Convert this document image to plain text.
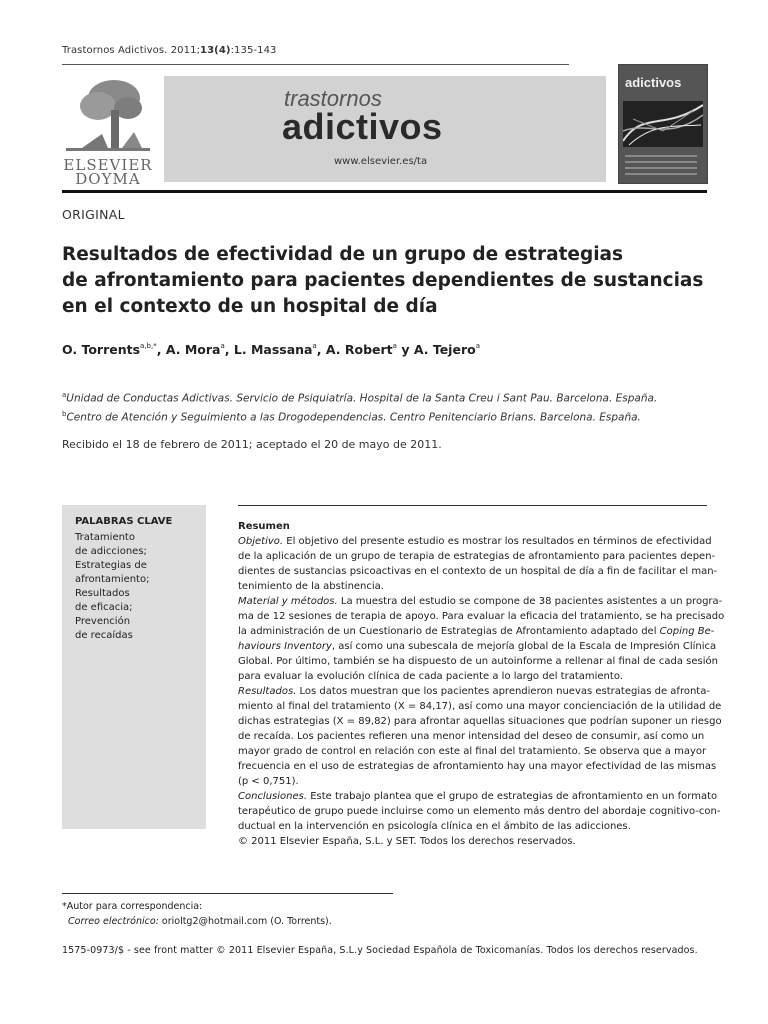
Trastornos Adictivos. 2011;13(4):135-143
ELSEVIER
DOYMA
trastornos
adictivos
www.elsevier.es/ta
adictivos
ORIGINAL
Resultados de efectividad de un grupo de estrategias
de afrontamiento para pacientes dependientes de sustancias
en el contexto de un hospital de día
O. Torrents$^{a,b,*}$, A. Mora$^a$, L. Massana$^a$, A. Robert$^a$ y A. Tejero$^a$
$^a$Unidad de Conductas Adictivas. Servicio de Psiquiatría. Hospital de la Santa Creu i Sant Pau. Barcelona. España.
$^b$Centro de Atención y Seguimiento a las Drogodependencias. Centro Penitenciario Brians. Barcelona. España.
Recibido el 18 de febrero de 2011; aceptado el 20 de mayo de 2011.
PALABRAS CLAVE
Tratamiento
de adicciones;
Estrategias de
afrontamiento;
Resultados
de eficacia;
Prevención
de recaídas
Resumen
Objetivo. El objetivo del presente estudio es mostrar los resultados en términos de efectividad
de la aplicación de un grupo de terapia de estrategias de afrontamiento para pacientes depen-
dientes de sustancias psicoactivas en el contexto de un hospital de día a fin de facilitar el man-
tenimiento de la abstinencia.
Material y métodos. La muestra del estudio se compone de 38 pacientes asistentes a un progra-
ma de 12 sesiones de terapia de apoyo. Para evaluar la eficacia del tratamiento, se ha precisado
la administración de un Cuestionario de Estrategias de Afrontamiento adaptado del Coping Be-
haviours Inventory, así como una subescala de mejoría global de la Escala de Impresión Clínica
Global. Por último, también se ha dispuesto de un autoinforme a rellenar al final de cada sesión
para evaluar la evolución clínica de cada paciente a lo largo del tratamiento.
Resultados. Los datos muestran que los pacientes aprendieron nuevas estrategias de afronta-
miento al final del tratamiento (X = 84,17), así como una mayor concienciación de la utilidad de
dichas estrategias (X = 89,82) para afrontar aquellas situaciones que podrían suponer un riesgo
de recaída. Los pacientes refieren una menor intensidad del deseo de consumir, así como un
mayor grado de control en relación con este al final del tratamiento. Se observa que a mayor
frecuencia en el uso de estrategias de afrontamiento hay una mayor efectividad de las mismas
(p < 0,751).
Conclusiones. Este trabajo plantea que el grupo de estrategias de afrontamiento en un formato
terapéutico de grupo puede incluirse como un elemento más dentro del abordaje cognitivo-con-
ductual en la intervención en psicología clínica en el ámbito de las adicciones.
© 2011 Elsevier España, S.L. y SET. Todos los derechos reservados.
*Autor para correspondencia:
Correo electrónico: orioltg2@hotmail.com (O. Torrents).
1575-0973/$ - see front matter © 2011 Elsevier España, S.L.y Sociedad Española de Toxicomanías. Todos los derechos reservados.
